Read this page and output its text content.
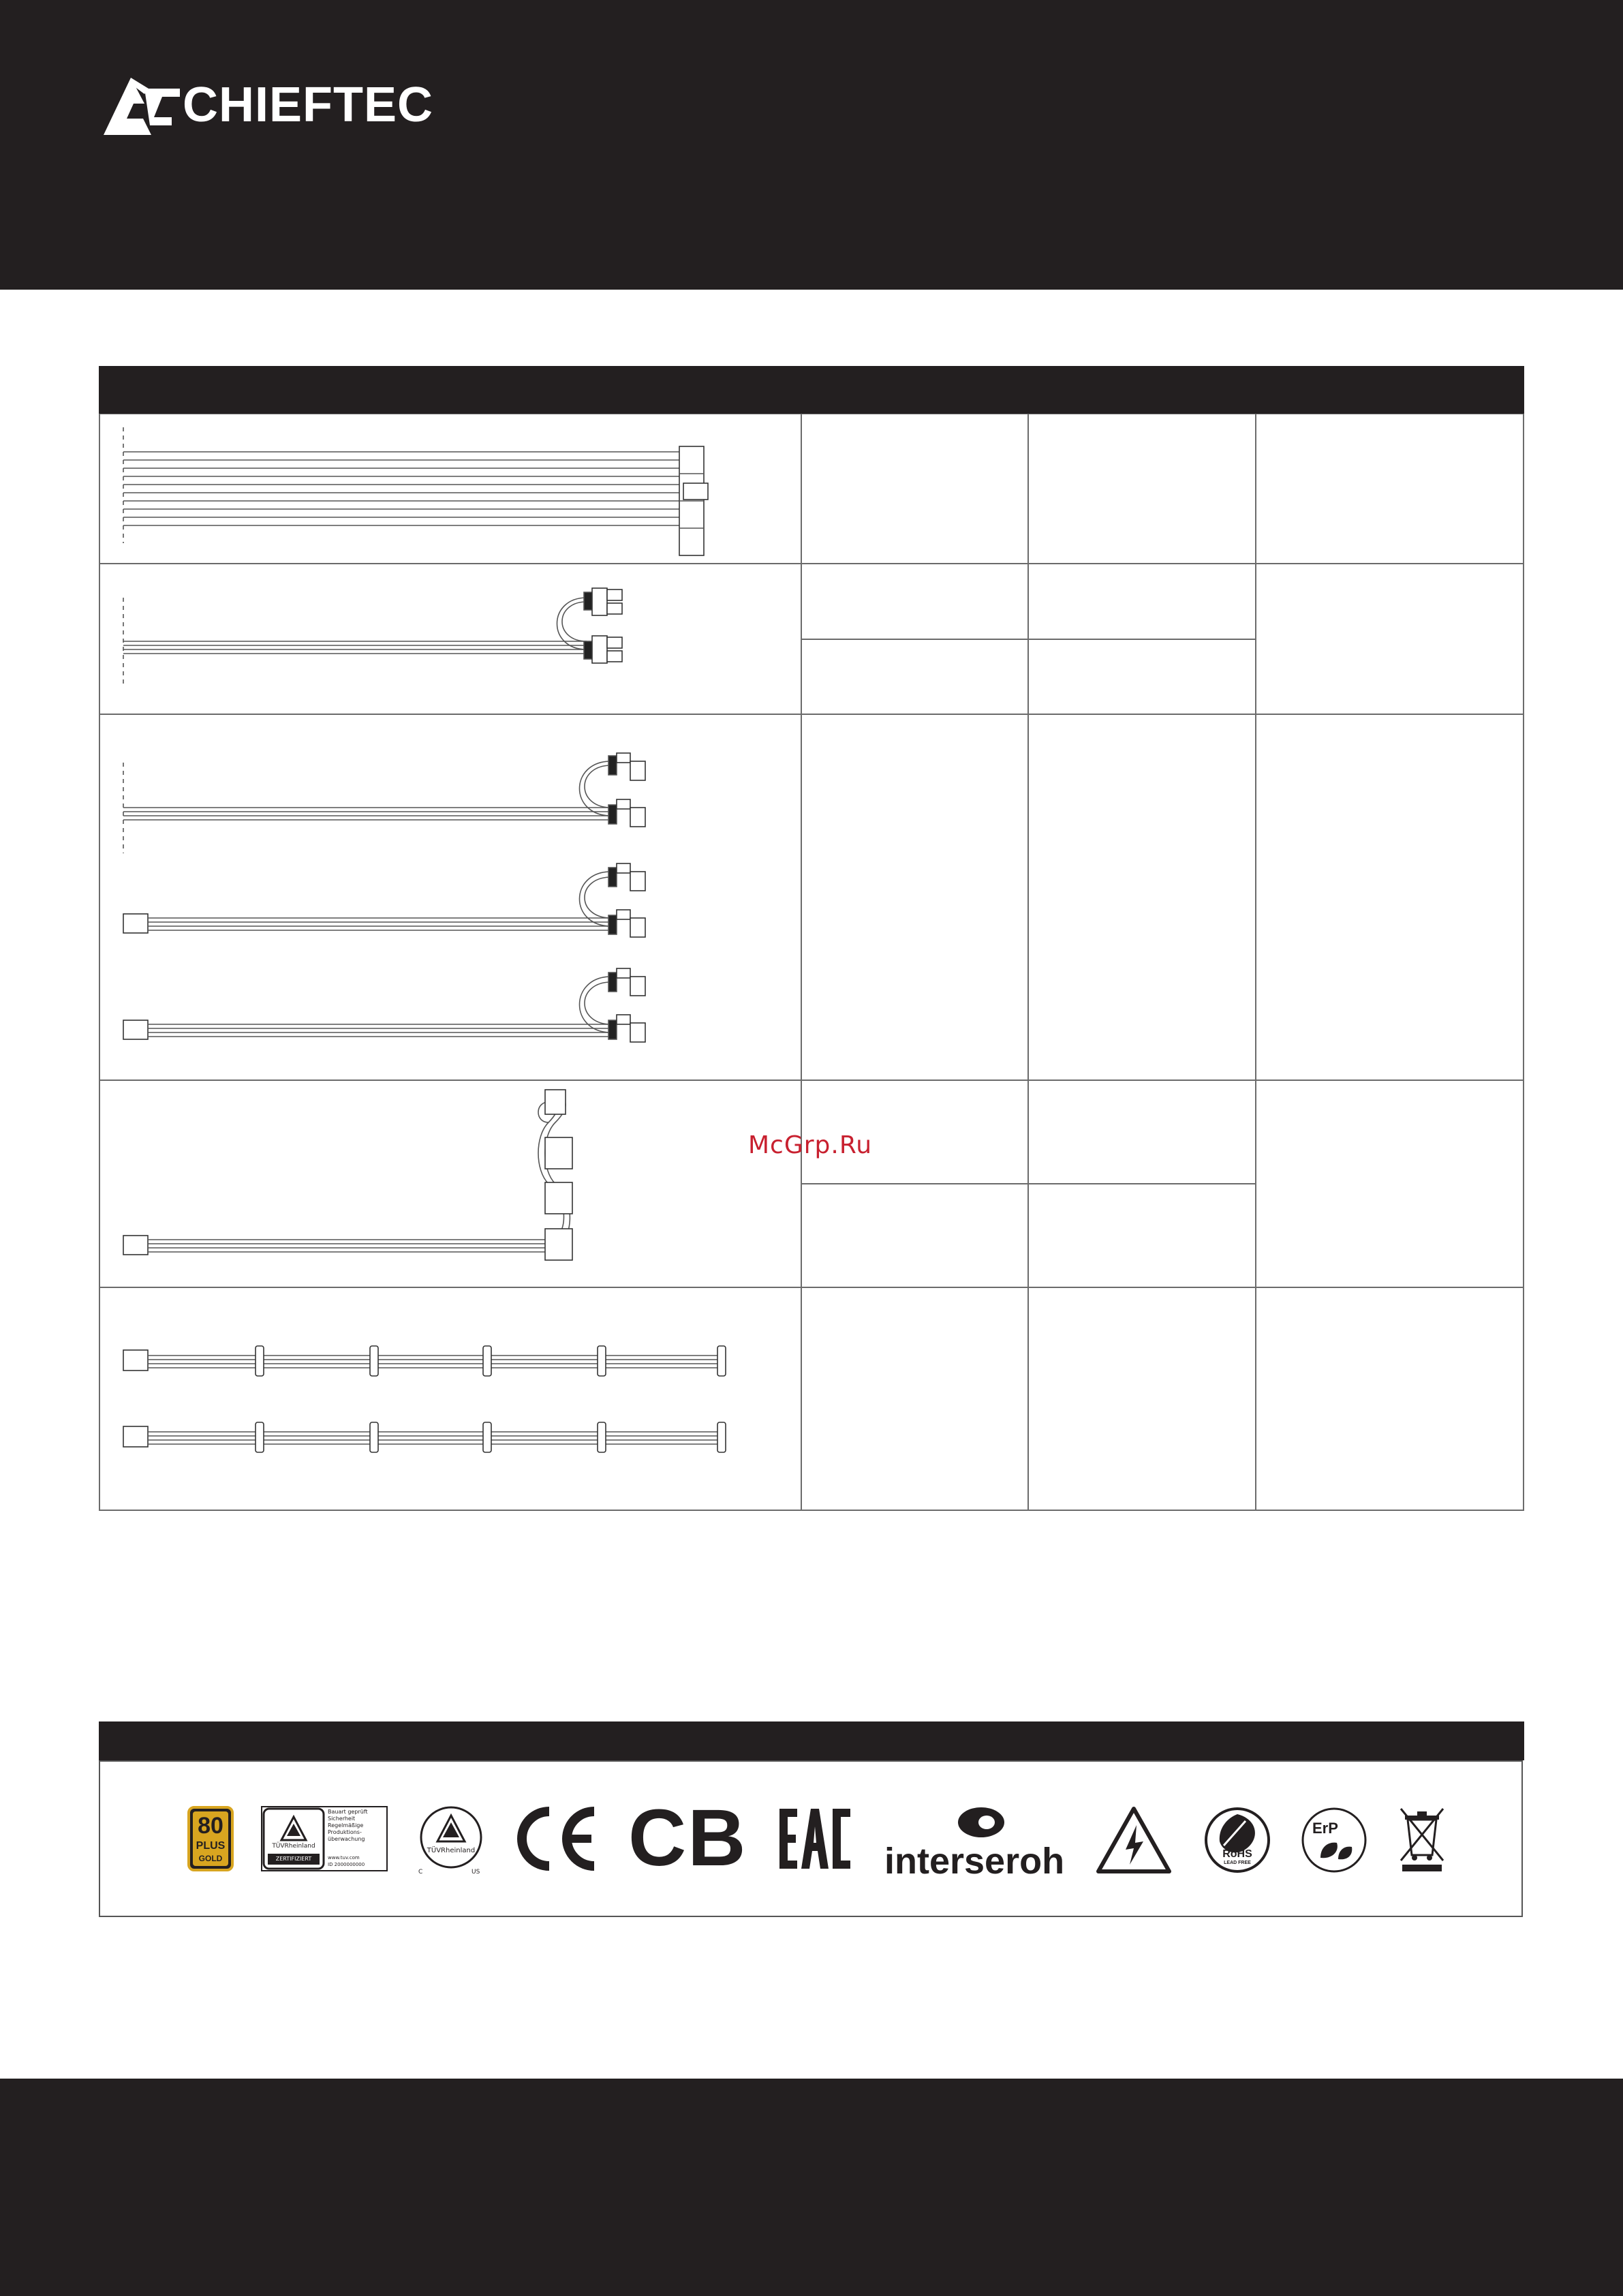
CHIEFTEC
McGrp.Ru
80
PLUS
GOLD
TÜVRheinland
ZERTIFIZIERT
Bauart geprüft
Sicherheit
Regelmäßige
Produktions-
überwachung
www.tuv.com
ID 2000000000
TÜVRheinland
C	US CB	interseroh	RoHS
LEAD FREE
ErP
